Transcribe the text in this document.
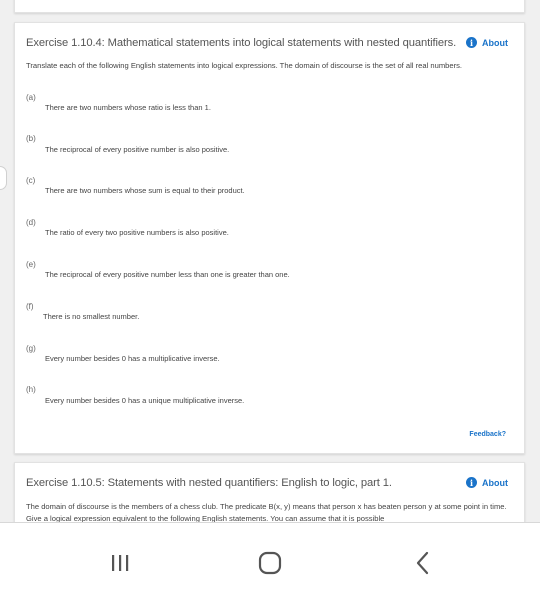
Exercise 1.10.4: Mathematical statements into logical statements with nested quantifiers.	i About
Translate each of the following English statements into logical expressions. The domain of discourse is the set of all real numbers.
(a)
There are two numbers whose ratio is less than 1.
(b)
The reciprocal of every positive number is also positive.
(c)
There are two numbers whose sum is equal to their product.
(d)
The ratio of every two positive numbers is also positive.
(e)
The reciprocal of every positive number less than one is greater than one.
(f)
There is no smallest number.
(g)
Every number besides 0 has a multiplicative inverse.
(h)
Every number besides 0 has a unique multiplicative inverse.
Feedback?
Exercise 1.10.5: Statements with nested quantifiers: English to logic, part 1.	i About
The domain of discourse is the members of a chess club. The predicate B(x, y) means that person x has beaten person y at some point in time. Give a logical expression equivalent to the following English statements. You can assume that it is possible
